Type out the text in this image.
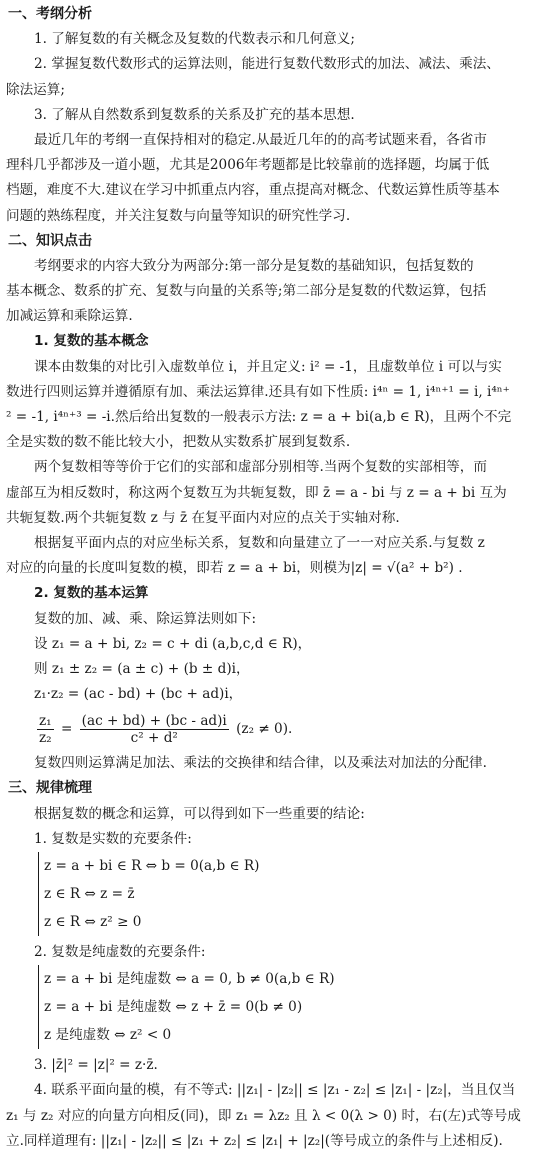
一、考纲分析
1. 了解复数的有关概念及复数的代数表示和几何意义;
2. 掌握复数代数形式的运算法则，能进行复数代数形式的加法、减法、乘法、
除法运算;
3. 了解从自然数系到复数系的关系及扩充的基本思想.
最近几年的考纲一直保持相对的稳定.从最近几年的的高考试题来看，各省市
理科几乎都涉及一道小题，尤其是2006年考题都是比较靠前的选择题，均属于低
档题，难度不大.建议在学习中抓重点内容，重点提高对概念、代数运算性质等基本
问题的熟练程度，并关注复数与向量等知识的研究性学习.
二、知识点击
考纲要求的内容大致分为两部分:第一部分是复数的基础知识，包括复数的
基本概念、数系的扩充、复数与向量的关系等;第二部分是复数的代数运算，包括
加减运算和乘除运算.
1. 复数的基本概念
课本由数集的对比引入虚数单位 i，并且定义: i² = -1，且虚数单位 i 可以与实
数进行四则运算并遵循原有加、乘法运算律.还具有如下性质: i⁴ⁿ = 1, i⁴ⁿ⁺¹ = i, i⁴ⁿ⁺
² = -1, i⁴ⁿ⁺³ = -i.然后给出复数的一般表示方法: z = a + bi(a,b ∈ R)，且两个不完
全是实数的数不能比较大小，把数从实数系扩展到复数系.
两个复数相等等价于它们的实部和虚部分别相等.当两个复数的实部相等，而
虚部互为相反数时，称这两个复数互为共轭复数，即 z̄ = a - bi 与 z = a + bi 互为
共轭复数.两个共轭复数 z 与 z̄ 在复平面内对应的点关于实轴对称.
根据复平面内点的对应坐标关系，复数和向量建立了一一对应关系.与复数 z
对应的向量的长度叫复数的模，即若 z = a + bi，则模为|z| = √(a² + b²) .
2. 复数的基本运算
复数的加、减、乘、除运算法则如下:
设 z₁ = a + bi, z₂ = c + di (a,b,c,d ∈ R)，
则 z₁ ± z₂ = (a ± c) + (b ± d)i，
z₁·z₂ = (ac - bd) + (bc + ad)i，
$\frac{\text{z₁}}{\text{z₂}} = \frac{(ac + bd) + (bc - ad)i}{\text{c² + d²}} (z_2 \ne 0)$.
复数四则运算满足加法、乘法的交换律和结合律，以及乘法对加法的分配律.
三、规律梳理
根据复数的概念和运算，可以得到如下一些重要的结论:
1. 复数是实数的充要条件:
z = a + bi ∈ R ⇔ b = 0(a,b ∈ R)
z ∈ R ⇔ z = z̄
z ∈ R ⇔ z² ≥ 0
2. 复数是纯虚数的充要条件:
z = a + bi 是纯虚数 ⇔ a = 0, b ≠ 0(a,b ∈ R)
z = a + bi 是纯虚数 ⇔ z + z̄ = 0(b ≠ 0)
z 是纯虚数 ⇔ z² < 0
3. |z̄|² = |z|² = z·z̄.
4. 联系平面向量的模，有不等式: ||z₁| - |z₂|| ≤ |z₁ - z₂| ≤ |z₁| - |z₂|，当且仅当
z₁ 与 z₂ 对应的向量方向相反(同)，即 z₁ = λz₂ 且 λ < 0(λ > 0) 时，右(左)式等号成
立.同样道理有: ||z₁| - |z₂|| ≤ |z₁ + z₂| ≤ |z₁| + |z₂|(等号成立的条件与上述相反).
